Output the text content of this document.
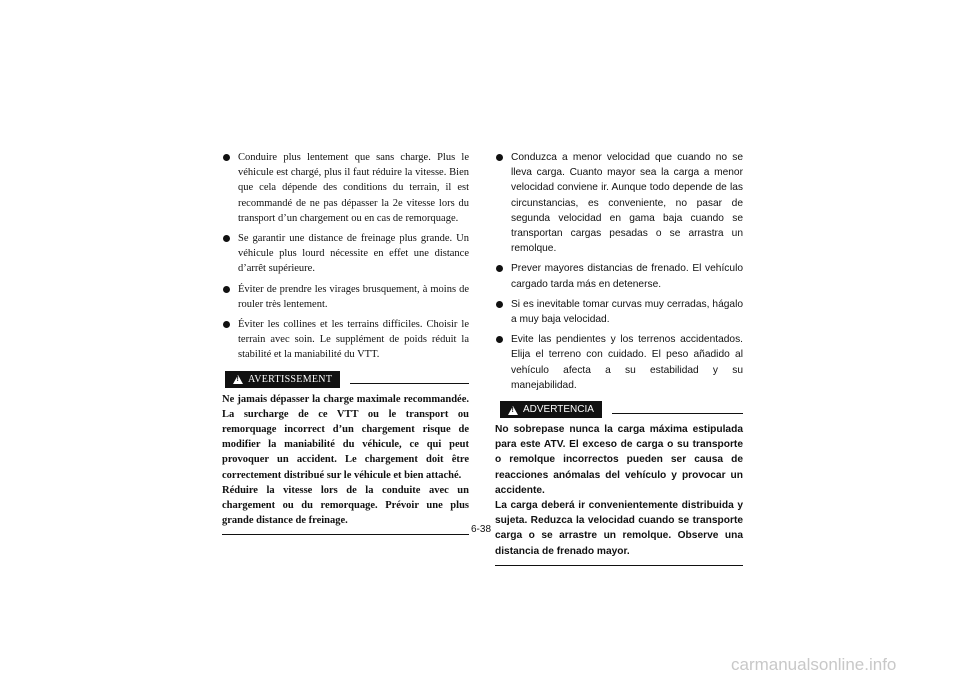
Conduire plus lentement que sans charge. Plus le véhicule est chargé, plus il faut réduire la vitesse. Bien que cela dépende des conditions du terrain, il est recommandé de ne pas dépasser la 2e vitesse lors du transport d’un chargement ou en cas de remorquage.
Se garantir une distance de freinage plus grande. Un véhicule plus lourd nécessite en effet une distance d’arrêt supérieure.
Éviter de prendre les virages brusquement, à moins de rouler très lentement.
Éviter les collines et les terrains difficiles. Choisir le terrain avec soin. Le supplément de poids réduit la stabilité et la maniabilité du VTT.
!
AVERTISSEMENT

Ne jamais dépasser la charge maximale recommandée. La surcharge de ce VTT ou le transport ou remorquage incorrect d’un chargement risque de modifier la maniabilité du véhicule, ce qui peut provoquer un accident. Le chargement doit être correctement distribué sur le véhicule et bien attaché.

Réduire la vitesse lors de la conduite avec un chargement ou du remorquage. Prévoir une plus grande distance de freinage.

Conduzca a menor velocidad que cuando no se lleva carga. Cuanto mayor sea la carga a menor velocidad conviene ir. Aunque todo depende de las circunstancias, es conveniente, no pasar de segunda velocidad en gama baja cuando se transportan cargas pesadas o se arrastra un remolque.
Prever mayores distancias de frenado. El vehículo cargado tarda más en detenerse.
Si es inevitable tomar curvas muy cerradas, hágalo a muy baja velocidad.
Evite las pendientes y los terrenos accidentados. Elija el terreno con cuidado. El peso añadido al vehículo afecta a su estabilidad y su manejabilidad.
!
ADVERTENCIA

No sobrepase nunca la carga máxima estipulada para este ATV. El exceso de carga o su transporte o remolque incorrectos pueden ser causa de reacciones anómalas del vehículo y provocar un accidente.

La carga deberá ir convenientemente distribuida y sujeta. Reduzca la velocidad cuando se transporte carga o se arrastre un remolque. Observe una distancia de frenado mayor.

6-38
carmanualsonline.info
